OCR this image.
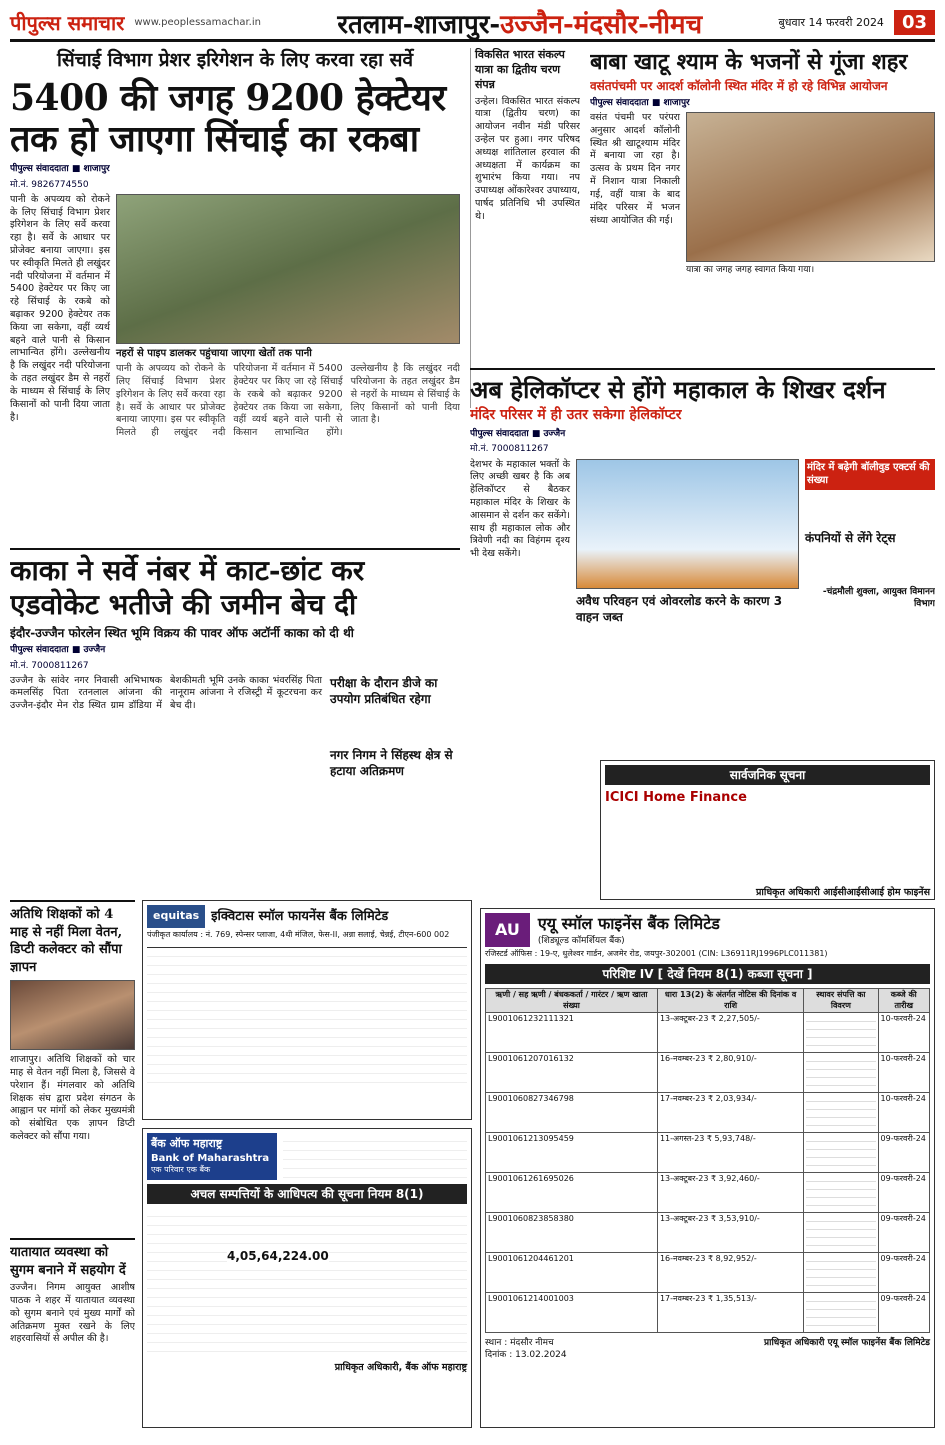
पीपुल्स समाचार www.peoplessamachar.in	रतलाम-शाजापुर-उज्जैन-मंदसौर-नीमच	बुधवार 14 फरवरी 2024	03
सिंचाई विभाग प्रेशर इरिगेशन के लिए करवा रहा सर्वे
5400 की जगह 9200 हेक्टेयर तक हो जाएगा सिंचाई का रकबा
पीपुल्स संवाददाता ■ शाजापुर
मो.नं. 9826774550
पानी के अपव्यय को रोकने के लिए सिंचाई विभाग प्रेशर इरिगेशन के लिए सर्वे करवा रहा है। सर्वे के आधार पर प्रोजेक्ट बनाया जाएगा। इस पर स्वीकृति मिलते ही लखुंदर नदी परियोजना में वर्तमान में 5400 हेक्टेयर पर किए जा रहे सिंचाई के रकबे को बढ़ाकर 9200 हेक्टेयर तक किया जा सकेगा, वहीं व्यर्थ बहने वाले पानी से किसान लाभान्वित होंगे। उल्लेखनीय है कि लखुंदर नदी परियोजना के तहत लखुंदर डैम से नहरों के माध्यम से सिंचाई के लिए किसानों को पानी दिया जाता है।
नहरों से पाइप डालकर पहुंचाया जाएगा खेतों तक पानी
पानी के अपव्यय को रोकने के लिए सिंचाई विभाग प्रेशर इरिगेशन के लिए सर्वे करवा रहा है। सर्वे के आधार पर प्रोजेक्ट बनाया जाएगा। इस पर स्वीकृति मिलते ही लखुंदर नदी परियोजना में वर्तमान में 5400 हेक्टेयर पर किए जा रहे सिंचाई के रकबे को बढ़ाकर 9200 हेक्टेयर तक किया जा सकेगा, वहीं व्यर्थ बहने वाले पानी से किसान लाभान्वित होंगे। उल्लेखनीय है कि लखुंदर नदी परियोजना के तहत लखुंदर डैम से नहरों के माध्यम से सिंचाई के लिए किसानों को पानी दिया जाता है।
विकसित भारत संकल्प यात्रा का द्वितीय चरण संपन्न
उन्हेल। विकसित भारत संकल्प यात्रा (द्वितीय चरण) का आयोजन नवीन मंडी परिसर उन्हेल पर हुआ। नगर परिषद अध्यक्ष शांतिलाल हरवाल की अध्यक्षता में कार्यक्रम का शुभारंभ किया गया। नप उपाध्यक्ष ओंकारेश्वर उपाध्याय, पार्षद प्रतिनिधि भी उपस्थित थे।
बाबा खाटू श्याम के भजनों से गूंजा शहर
वसंतपंचमी पर आदर्श कॉलोनी स्थित मंदिर में हो रहे विभिन्न आयोजन
पीपुल्स संवाददाता ■ शाजापुर
वसंत पंचमी पर परंपरा अनुसार आदर्श कॉलोनी स्थित श्री खाटूश्याम मंदिर में बनाया जा रहा है। उत्सव के प्रथम दिन नगर में निशान यात्रा निकाली गई, वहीं यात्रा के बाद मंदिर परिसर में भजन संध्या आयोजित की गई।
यात्रा का जगह जगह स्वागत किया गया।
अब हेलिकॉप्टर से होंगे महाकाल के शिखर दर्शन
मंदिर परिसर में ही उतर सकेगा हेलिकॉप्टर
पीपुल्स संवाददाता ■ उज्जैन
मो.नं. 7000811267
देशभर के महाकाल भक्तों के लिए अच्छी खबर है कि अब हेलिकॉप्टर से बैठकर महाकाल मंदिर के शिखर के आसमान से दर्शन कर सकेंगे। साथ ही महाकाल लोक और त्रिवेणी नदी का विहंगम दृश्य भी देख सकेंगे।
अवैध परिवहन एवं ओवरलोड करने के कारण 3 वाहन जब्त
मंदिर में बढ़ेगी बॉलीवुड एक्टर्स की संख्या
कंपनियों से लेंगे रेट्स
-चंद्रमौली शुक्ला, आयुक्त विमानन विभाग
काका ने सर्वे नंबर में काट-छांट कर एडवोकेट भतीजे की जमीन बेच दी
इंदौर-उज्जैन फोरलेन स्थित भूमि विक्रय की पावर ऑफ अटॉर्नी काका को दी थी
पीपुल्स संवाददाता ■ उज्जैन
मो.नं. 7000811267
उज्जैन के सांवेर नगर निवासी अभिभाषक कमलसिंह पिता रतनलाल आंजना की उज्जैन-इंदौर मेन रोड स्थित ग्राम डॉडिया में बेशकीमती भूमि उनके काका भंवरसिंह पिता नानूराम आंजना ने रजिस्ट्री में कूटरचना कर बेच दी।
परीक्षा के दौरान डीजे का उपयोग प्रतिबंधित रहेगा
नगर निगम ने सिंहस्थ क्षेत्र से हटाया अतिक्रमण	सार्वजनिक सूचना
ICICI Home Finance
प्राधिकृत अधिकारी आईसीआईसीआई होम फाइनेंस
अतिथि शिक्षकों को 4 माह से नहीं मिला वेतन, डिप्टी कलेक्टर को सौंपा ज्ञापन
शाजापुर। अतिथि शिक्षकों को चार माह से वेतन नहीं मिला है, जिससे वे परेशान हैं। मंगलवार को अतिथि शिक्षक संघ द्वारा प्रदेश संगठन के आह्वान पर मांगों को लेकर मुख्यमंत्री को संबोधित एक ज्ञापन डिप्टी कलेक्टर को सौंपा गया।
यातायात व्यवस्था को सुगम बनाने में सहयोग दें
उज्जैन। निगम आयुक्त आशीष पाठक ने शहर में यातायात व्यवस्था को सुगम बनाने एवं मुख्य मार्गों को अतिक्रमण मुक्त रखने के लिए शहरवासियों से अपील की है।
equitas इक्विटास स्मॉल फायनेंस बैंक लिमिटेड
पंजीकृत कार्यालय : नं. 769, स्पेन्सर प्लाजा, 4थी मंजिल, फेस-II, अन्ना सलाई, चेन्नई, टीएन-600 002
बैंक ऑफ महाराष्ट्र
Bank of Maharashtra
एक परिवार एक बैंक
अचल सम्पत्तियों के आधिपत्य की सूचना नियम 8(1)
4,05,64,224.00
प्राधिकृत अधिकारी, बैंक ऑफ महाराष्ट्र
AU	एयू स्मॉल फाइनेंस बैंक लिमिटेड
(शिड्यूल्ड कॉमर्शियल बैंक)
रजिस्टर्ड ऑफिस : 19-ए, धुलेश्वर गार्डन, अजमेर रोड, जयपुर-302001 (CIN: L36911RJ1996PLC011381)
परिशिष्ट IV [ देखें नियम 8(1) कब्जा सूचना ]
ऋणी / सह ऋणी / बंधककर्ता / गारंटर / ऋण खाता संख्या	धारा 13(2) के अंतर्गत नोटिस की दिनांक व राशि	स्थावर संपत्ति का विवरण	कब्जे की तारीख
L9001061232111321	13-अक्टूबर-23 ₹ 2,27,505/-		10-फरवरी-24
L9001061207016132	16-नवम्बर-23 ₹ 2,80,910/-		10-फरवरी-24
L9001060827346798	17-नवम्बर-23 ₹ 2,03,934/-		10-फरवरी-24
L9001061213095459	11-अगस्त-23 ₹ 5,93,748/-		09-फरवरी-24
L9001061261695026	13-अक्टूबर-23 ₹ 3,92,460/-		09-फरवरी-24
L9001060823858380	13-अक्टूबर-23 ₹ 3,53,910/-		09-फरवरी-24
L9001061204461201	16-नवम्बर-23 ₹ 8,92,952/-		09-फरवरी-24
L9001061214001003	17-नवम्बर-23 ₹ 1,35,513/-		09-फरवरी-24
स्थान : मंदसौर नीमच
दिनांक : 13.02.2024
प्राधिकृत अधिकारी एयू स्मॉल फाइनेंस बैंक लिमिटेड
